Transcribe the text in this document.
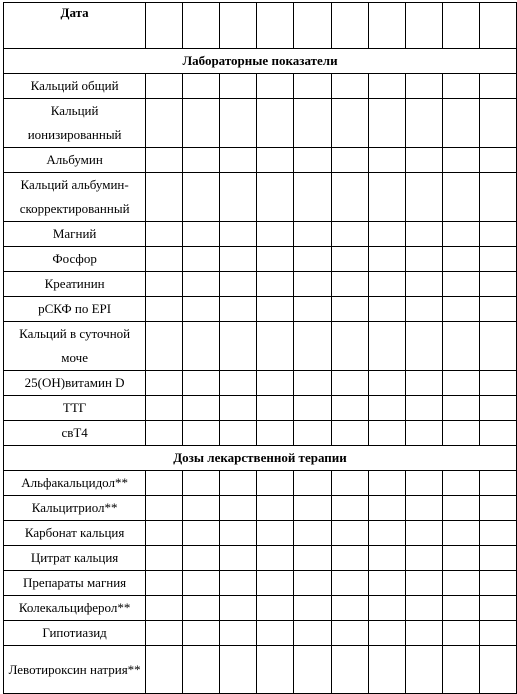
Дата										
Лабораторные показатели										
Кальций общий										
Кальций ионизированный										
Альбумин										
Кальций альбумин-скорректированный										
Магний										
Фосфор										
Креатинин										
рСКФ по EPI										
Кальций в суточной моче										
25(OH)витамин D										
ТТГ										
свТ4										
Дозы лекарственной терапии										
Альфакальцидол**										
Кальцитриол**										
Карбонат кальция										
Цитрат кальция										
Препараты магния										
Колекальциферол**										
Гипотиазид										
Левотироксин натрия**										
